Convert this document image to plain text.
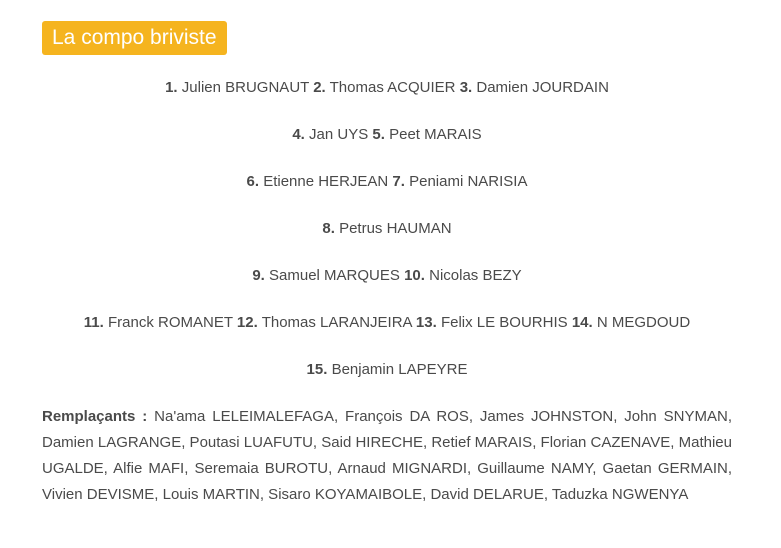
La compo briviste
1. Julien BRUGNAUT 2. Thomas ACQUIER 3. Damien JOURDAIN
4. Jan UYS 5. Peet MARAIS
6. Etienne HERJEAN 7. Peniami NARISIA
8. Petrus HAUMAN
9. Samuel MARQUES 10. Nicolas BEZY
11. Franck ROMANET 12. Thomas LARANJEIRA 13. Felix LE BOURHIS 14. N MEGDOUD
15. Benjamin LAPEYRE
Remplaçants : Na'ama LELEIMALEFAGA, François DA ROS, James JOHNSTON, John SNYMAN, Damien LAGRANGE, Poutasi LUAFUTU, Said HIRECHE, Retief MARAIS, Florian CAZENAVE, Mathieu UGALDE, Alfie MAFI, Seremaia BUROTU, Arnaud MIGNARDI, Guillaume NAMY, Gaetan GERMAIN, Vivien DEVISME, Louis MARTIN, Sisaro KOYAMAIBOLE, David DELARUE, Taduzka NGWENYA
